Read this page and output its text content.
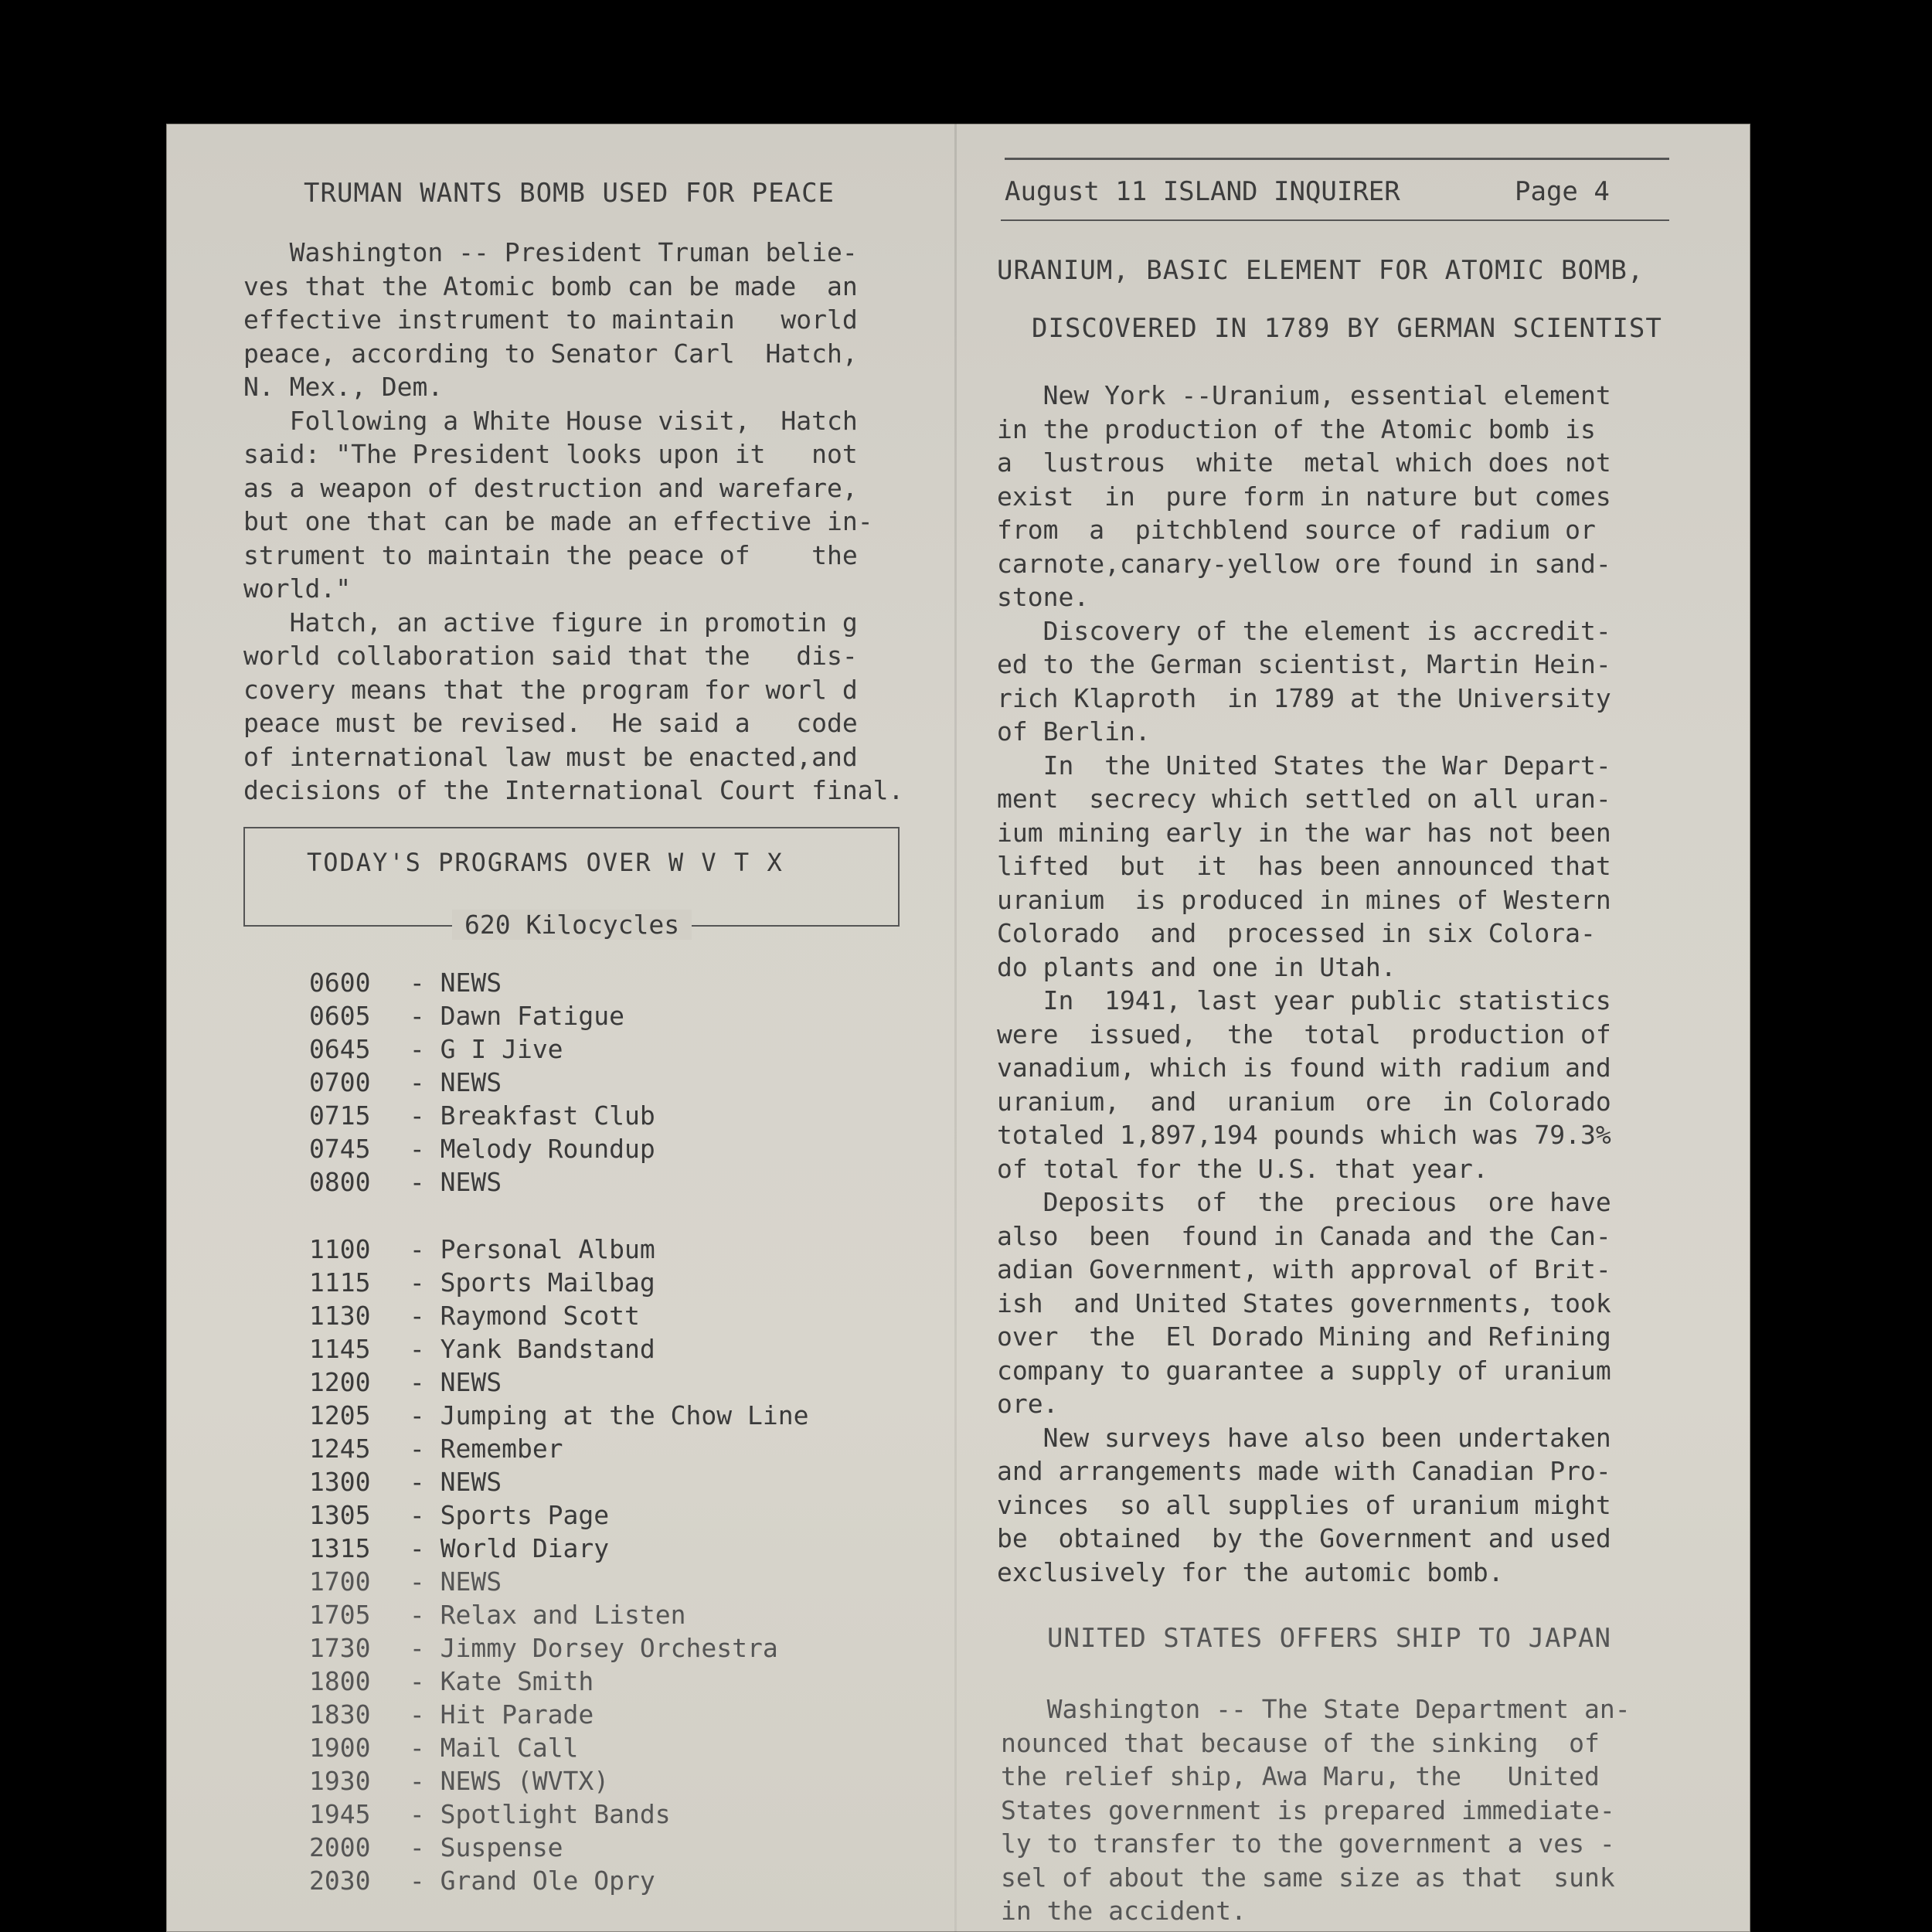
TRUMAN WANTS BOMB USED FOR PEACE
Washington -- President Truman belie-
ves that the Atomic bomb can be made  an
effective instrument to maintain   world
peace, according to Senator Carl  Hatch,
N. Mex., Dem.
Following a White House visit,  Hatch
said: "The President looks upon it   not
as a weapon of destruction and warefare,
but one that can be made an effective in-
strument to maintain the peace of    the
world."
Hatch, an active figure in promotin g
world collaboration said that the   dis-
covery means that the program for worl d
peace must be revised.  He said a   code
of international law must be enacted,and
decisions of the International Court final.
TODAY'S PROGRAMS OVER W V T X
620 Kilocycles
0600 - NEWS
0605 - Dawn Fatigue
0645 - G I Jive
0700 - NEWS
0715 - Breakfast Club
0745 - Melody Roundup
0800 - NEWS
1100 - Personal Album
1115 - Sports Mailbag
1130 - Raymond Scott
1145 - Yank Bandstand
1200 - NEWS
1205 - Jumping at the Chow Line
1245 - Remember
1300 - NEWS
1305 - Sports Page
1315 - World Diary
1700 - NEWS
1705 - Relax and Listen
1730 - Jimmy Dorsey Orchestra
1800 - Kate Smith
1830 - Hit Parade
1900 - Mail Call
1930 - NEWS (WVTX)
1945 - Spotlight Bands
2000 - Suspense
2030 - Grand Ole Opry
August 11 ISLAND INQUIRER	Page 4
URANIUM, BASIC ELEMENT FOR ATOMIC BOMB,
DISCOVERED IN 1789 BY GERMAN SCIENTIST
New York --Uranium, essential element
in the production of the Atomic bomb is
a  lustrous  white  metal which does not
exist  in  pure form in nature but comes
from  a  pitchblend source of radium or
carnote,canary-yellow ore found in sand-
stone.
Discovery of the element is accredit-
ed to the German scientist, Martin Hein-
rich Klaproth  in 1789 at the University
of Berlin.
In  the United States the War Depart-
ment  secrecy which settled on all uran-
ium mining early in the war has not been
lifted  but  it  has been announced that
uranium  is produced in mines of Western
Colorado  and  processed in six Colora-
do plants and one in Utah.
In  1941, last year public statistics
were  issued,  the  total  production of
vanadium, which is found with radium and
uranium,  and  uranium  ore  in Colorado
totaled 1,897,194 pounds which was 79.3%
of total for the U.S. that year.
Deposits  of  the  precious  ore have
also  been  found in Canada and the Can-
adian Government, with approval of Brit-
ish  and United States governments, took
over  the  El Dorado Mining and Refining
company to guarantee a supply of uranium
ore.
New surveys have also been undertaken
and arrangements made with Canadian Pro-
vinces  so all supplies of uranium might
be  obtained  by the Government and used
exclusively for the automic bomb.
UNITED STATES OFFERS SHIP TO JAPAN
Washington -- The State Department an-
nounced that because of the sinking  of
the relief ship, Awa Maru, the   United
States government is prepared immediate-
ly to transfer to the government a ves -
sel of about the same size as that  sunk
in the accident.
